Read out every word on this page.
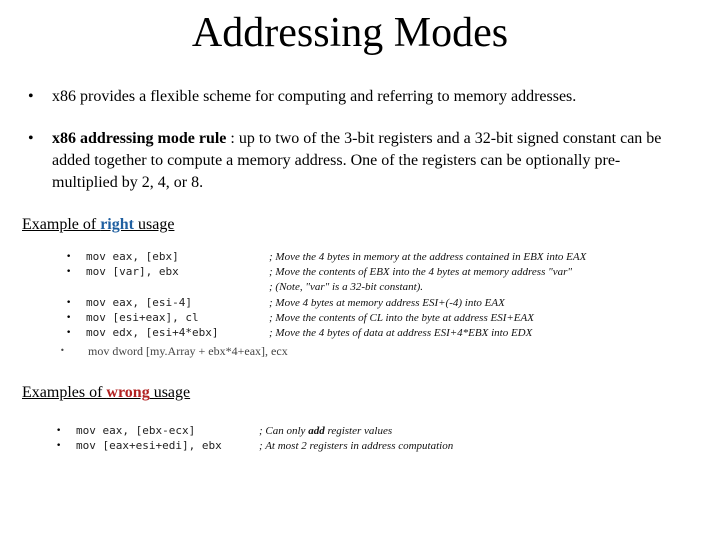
Addressing Modes
• x86 provides a flexible scheme for computing and referring to memory addresses.
• x86 addressing mode rule : up to two of the 3-bit registers and a 32-bit signed constant can be added together to compute a memory address. One of the registers can be optionally pre-multiplied by 2, 4, or 8.
Example of right usage
• mov eax, [ebx]	; Move the 4 bytes in memory at the address contained in EBX into EAX
• mov [var], ebx	; Move the contents of EBX into the 4 bytes at memory address "var"
; (Note, "var" is a 32-bit constant).
• mov eax, [esi-4]	; Move 4 bytes at memory address ESI+(-4) into EAX
• mov [esi+eax], cl	; Move the contents of CL into the byte at address ESI+EAX
• mov edx, [esi+4*ebx]	; Move the 4 bytes of data at address ESI+4*EBX into EDX
• mov dword [my.Array + ebx*4+eax], ecx
Examples of wrong usage
• mov eax, [ebx-ecx]	; Can only add register values
• mov [eax+esi+edi], ebx	; At most 2 registers in address computation
